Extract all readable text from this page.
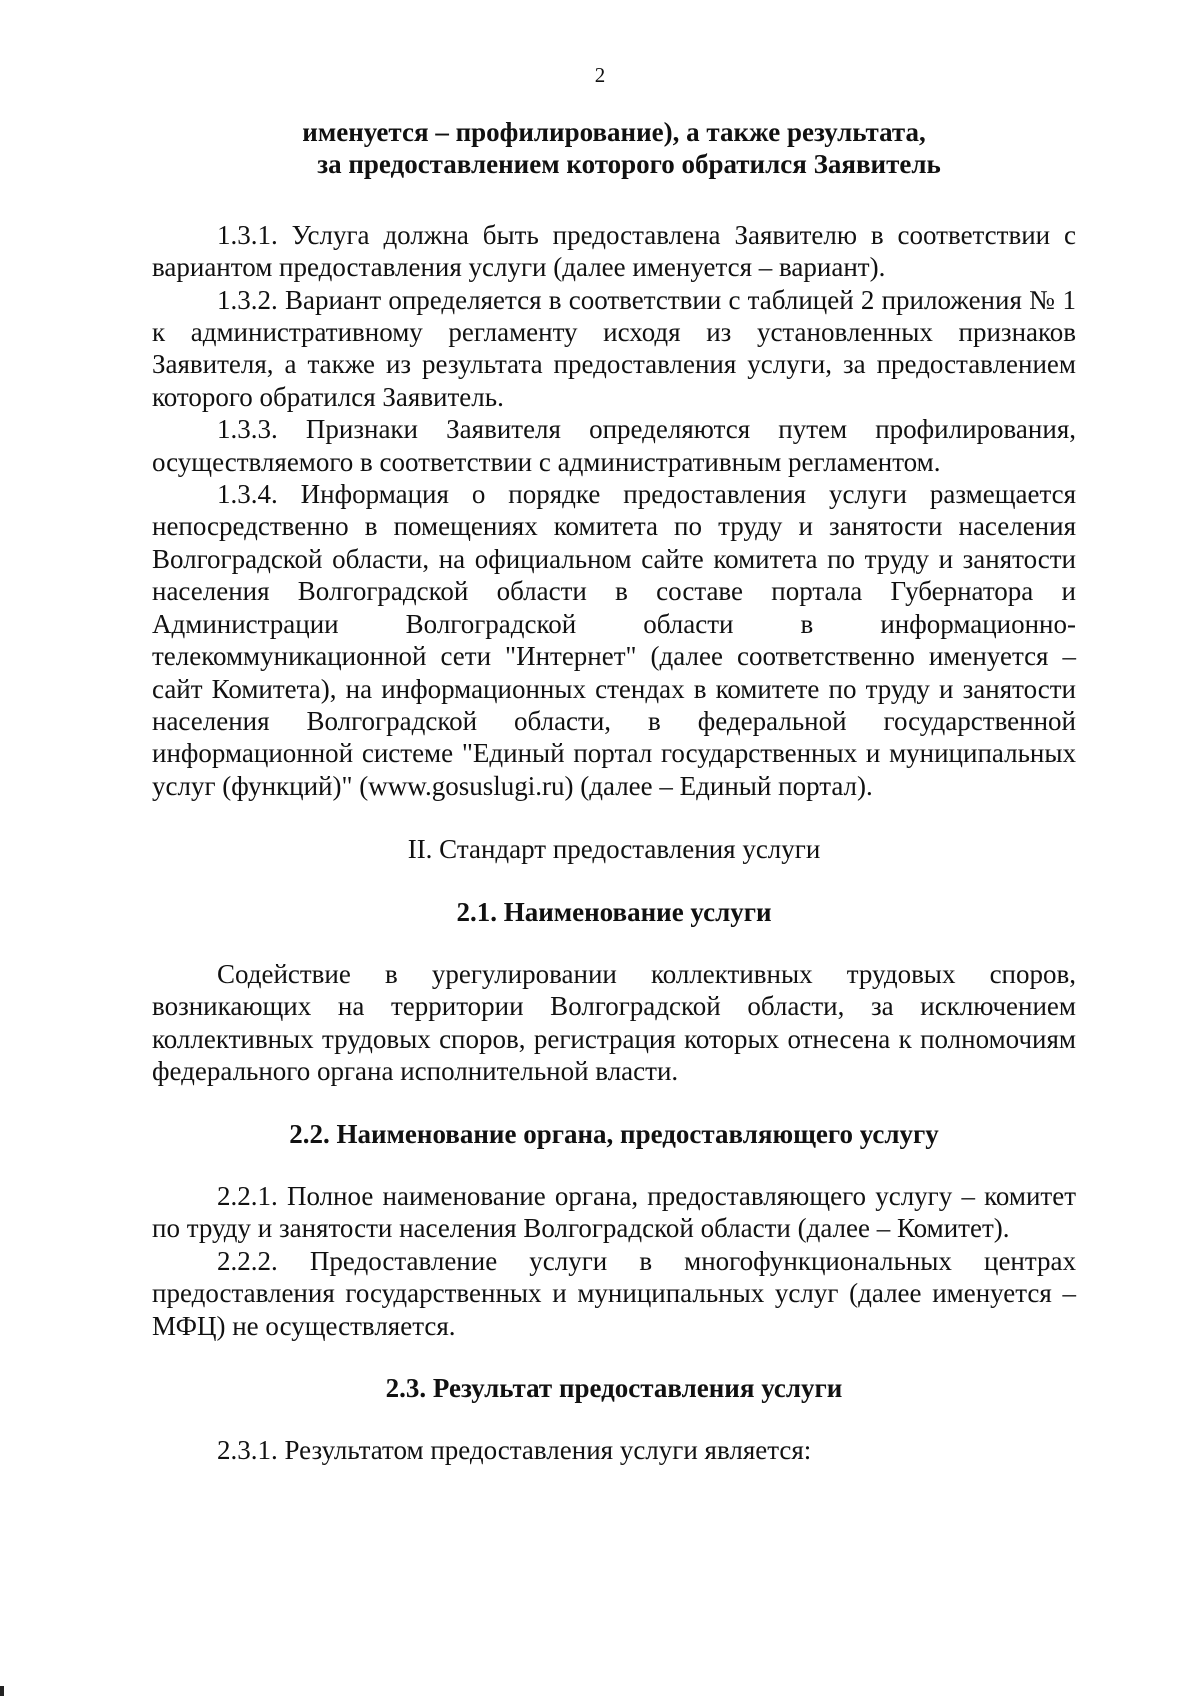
2
именуется – профилирование), а также результата,
за предоставлением которого обратился Заявитель

1.3.1. Услуга должна быть предоставлена Заявителю в соответствии с вариантом предоставления услуги (далее именуется – вариант).

1.3.2. Вариант определяется в соответствии с таблицей 2 приложения № 1 к административному регламенту исходя из установленных признаков Заявителя, а также из результата предоставления услуги, за предоставлением которого обратился Заявитель.

1.3.3. Признаки Заявителя определяются путем профилирования, осуществляемого в соответствии с административным регламентом.

1.3.4. Информация о порядке предоставления услуги размещается непосредственно в помещениях комитета по труду и занятости населения Волгоградской области, на официальном сайте комитета по труду и занятости населения Волгоградской области в составе портала Губернатора и Администрации Волгоградской области в информационно-телекоммуникационной сети "Интернет" (далее соответственно именуется – сайт Комитета), на информационных стендах в комитете по труду и занятости населения Волгоградской области, в федеральной государственной информационной системе "Единый портал государственных и муниципальных услуг (функций)" (www.gosuslugi.ru) (далее – Единый портал).

II. Стандарт предоставления услуги

2.1. Наименование услуги

Содействие в урегулировании коллективных трудовых споров, возникающих на территории Волгоградской области, за исключением коллективных трудовых споров, регистрация которых отнесена к полномочиям федерального органа исполнительной власти.

2.2. Наименование органа, предоставляющего услугу

2.2.1. Полное наименование органа, предоставляющего услугу – комитет по труду и занятости населения Волгоградской области (далее – Комитет).

2.2.2. Предоставление услуги в многофункциональных центрах предоставления государственных и муниципальных услуг (далее именуется – МФЦ) не осуществляется.

2.3. Результат предоставления услуги

2.3.1. Результатом предоставления услуги является:
